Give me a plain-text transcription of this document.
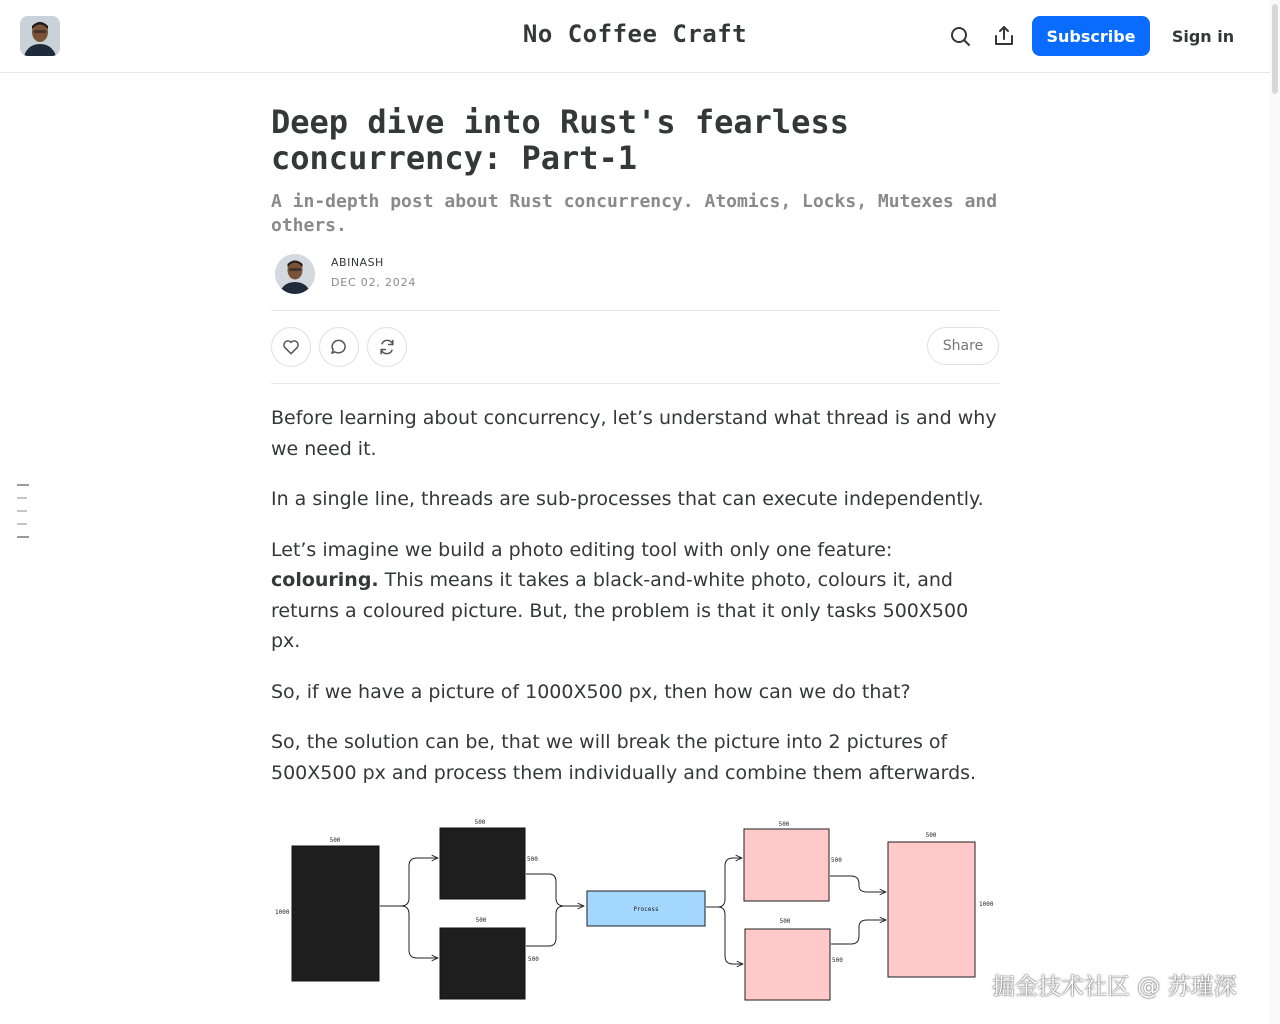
No Coffee Craft	Subscribe	Sign in
Deep dive into Rust's fearless concurrency: Part-1
A in-depth post about Rust concurrency. Atomics, Locks, Mutexes and others.
ABINASH
DEC 02, 2024
Share

Before learning about concurrency, let’s understand what thread is and why we need it.

In a single line, threads are sub-processes that can execute independently.

Let’s imagine we build a photo editing tool with only one feature: colouring. This means it takes a black-and-white photo, colours it, and returns a coloured picture. But, the problem is that it only tasks 500X500 px.

So, if we have a picture of 1000X500 px, then how can we do that?

So, the solution can be, that we will break the picture into 2 pictures of 500X500 px and process them individually and combine them afterwards.

500
1000
500
500
500
500
Process
500
500
500
500
500
1000
掘金技术社区 @ 苏瑾深
